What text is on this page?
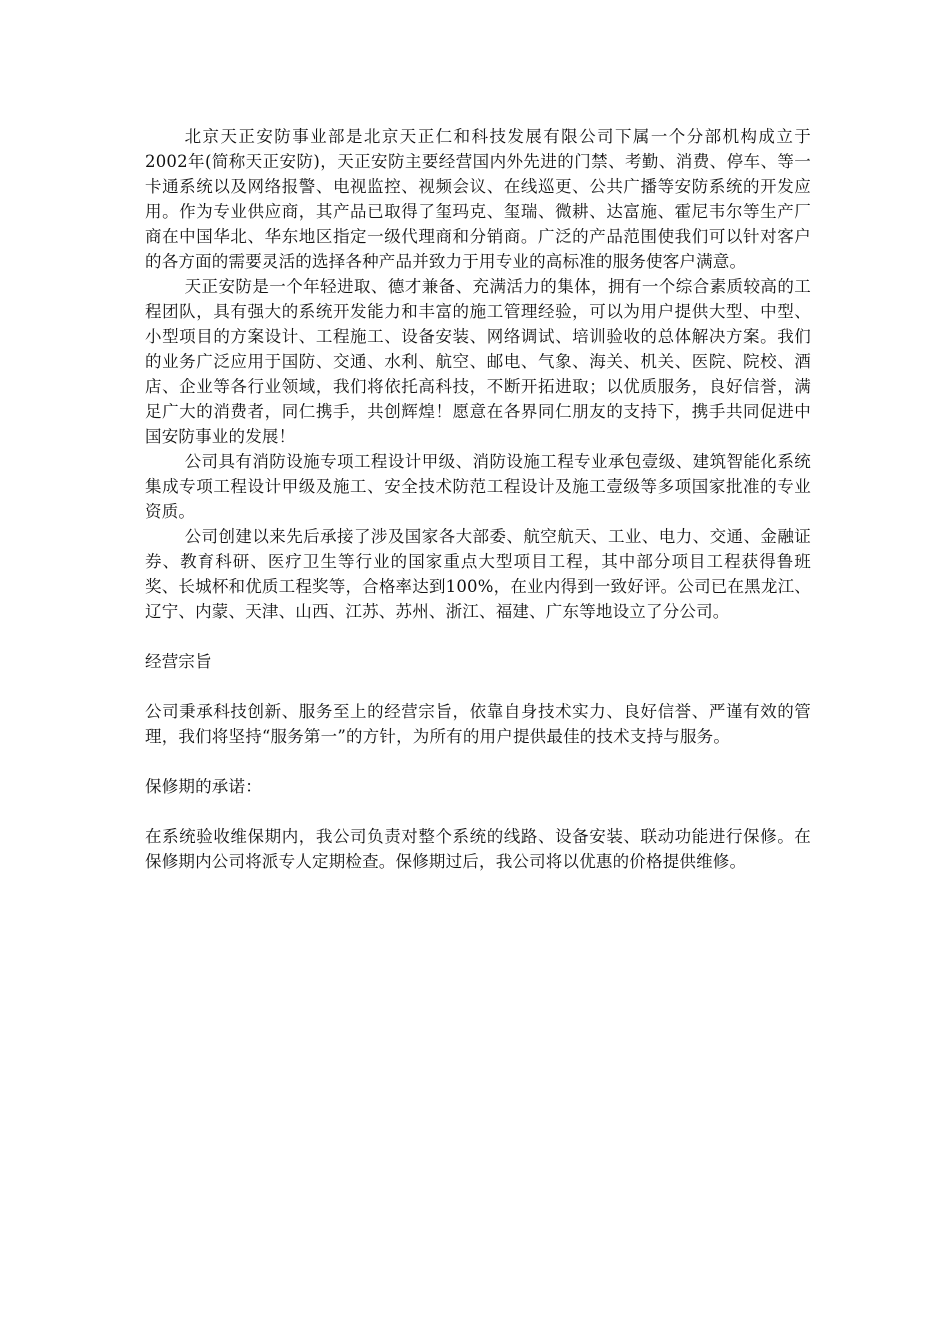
北京天正安防事业部是北京天正仁和科技发展有限公司下属一个分部机构成立于2002年(简称天正安防)，天正安防主要经营国内外先进的门禁、考勤、消费、停车、等一卡通系统以及网络报警、电视监控、视频会议、在线巡更、公共广播等安防系统的开发应用。作为专业供应商，其产品已取得了玺玛克、玺瑞、微耕、达富施、霍尼韦尔等生产厂商在中国华北、华东地区指定一级代理商和分销商。广泛的产品范围使我们可以针对客户的各方面的需要灵活的选择各种产品并致力于用专业的高标准的服务使客户满意。

天正安防是一个年轻进取、德才兼备、充满活力的集体，拥有一个综合素质较高的工程团队，具有强大的系统开发能力和丰富的施工管理经验，可以为用户提供大型、中型、小型项目的方案设计、工程施工、设备安装、网络调试、培训验收的总体解决方案。我们的业务广泛应用于国防、交通、水利、航空、邮电、气象、海关、机关、医院、院校、酒店、企业等各行业领域，我们将依托高科技，不断开拓进取；以优质服务，良好信誉，满足广大的消费者，同仁携手，共创辉煌！愿意在各界同仁朋友的支持下，携手共同促进中国安防事业的发展！

公司具有消防设施专项工程设计甲级、消防设施工程专业承包壹级、建筑智能化系统集成专项工程设计甲级及施工、安全技术防范工程设计及施工壹级等多项国家批准的专业资质。

公司创建以来先后承接了涉及国家各大部委、航空航天、工业、电力、交通、金融证券、教育科研、医疗卫生等行业的国家重点大型项目工程，其中部分项目工程获得鲁班奖、长城杯和优质工程奖等，合格率达到100%，在业内得到一致好评。公司已在黑龙江、辽宁、内蒙、天津、山西、江苏、苏州、浙江、福建、广东等地设立了分公司。

经营宗旨

公司秉承科技创新、服务至上的经营宗旨，依靠自身技术实力、良好信誉、严谨有效的管理，我们将坚持“服务第一”的方针，为所有的用户提供最佳的技术支持与服务。

保修期的承诺：

在系统验收维保期内，我公司负责对整个系统的线路、设备安装、联动功能进行保修。在保修期内公司将派专人定期检查。保修期过后，我公司将以优惠的价格提供维修。
